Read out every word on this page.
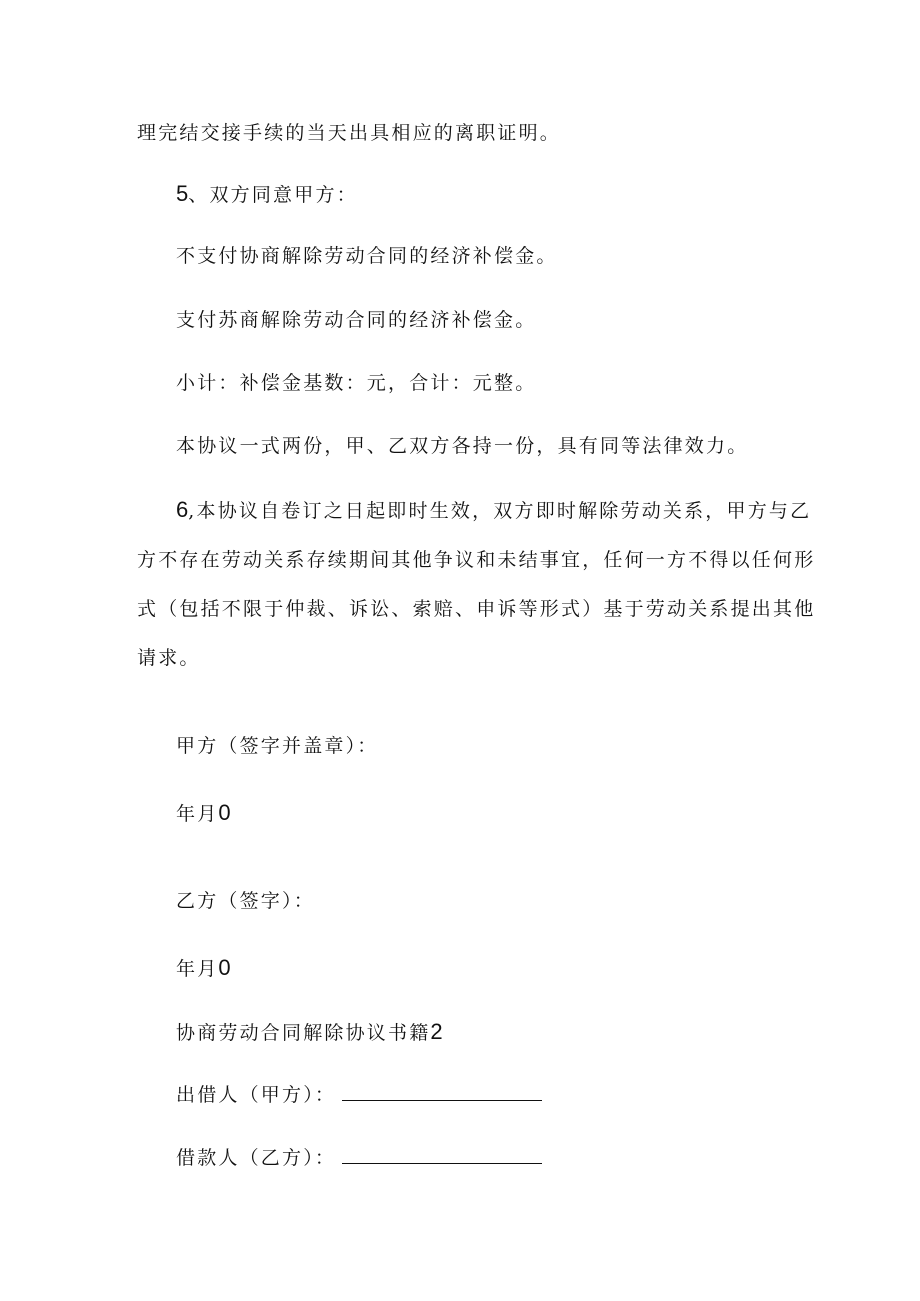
理完结交接手续的当天出具相应的离职证明。
5、双方同意甲方：
不支付协商解除劳动合同的经济补偿金。
支付苏商解除劳动合同的经济补偿金。
小计：补偿金基数：元，合计：元整。
本协议一式两份，甲、乙双方各持一份，具有同等法律效力。
6,本协议自卷订之日起即时生效，双方即时解除劳动关系，甲方与乙
方不存在劳动关系存续期间其他争议和未结事宜，任何一方不得以任何形
式（包括不限于仲裁、诉讼、索赔、申诉等形式）基于劳动关系提出其他
请求。
甲方（签字并盖章）：
年月0
乙方（签字）：
年月0
协商劳动合同解除协议书籍2
出借人（甲方）：
借款人（乙方）：
